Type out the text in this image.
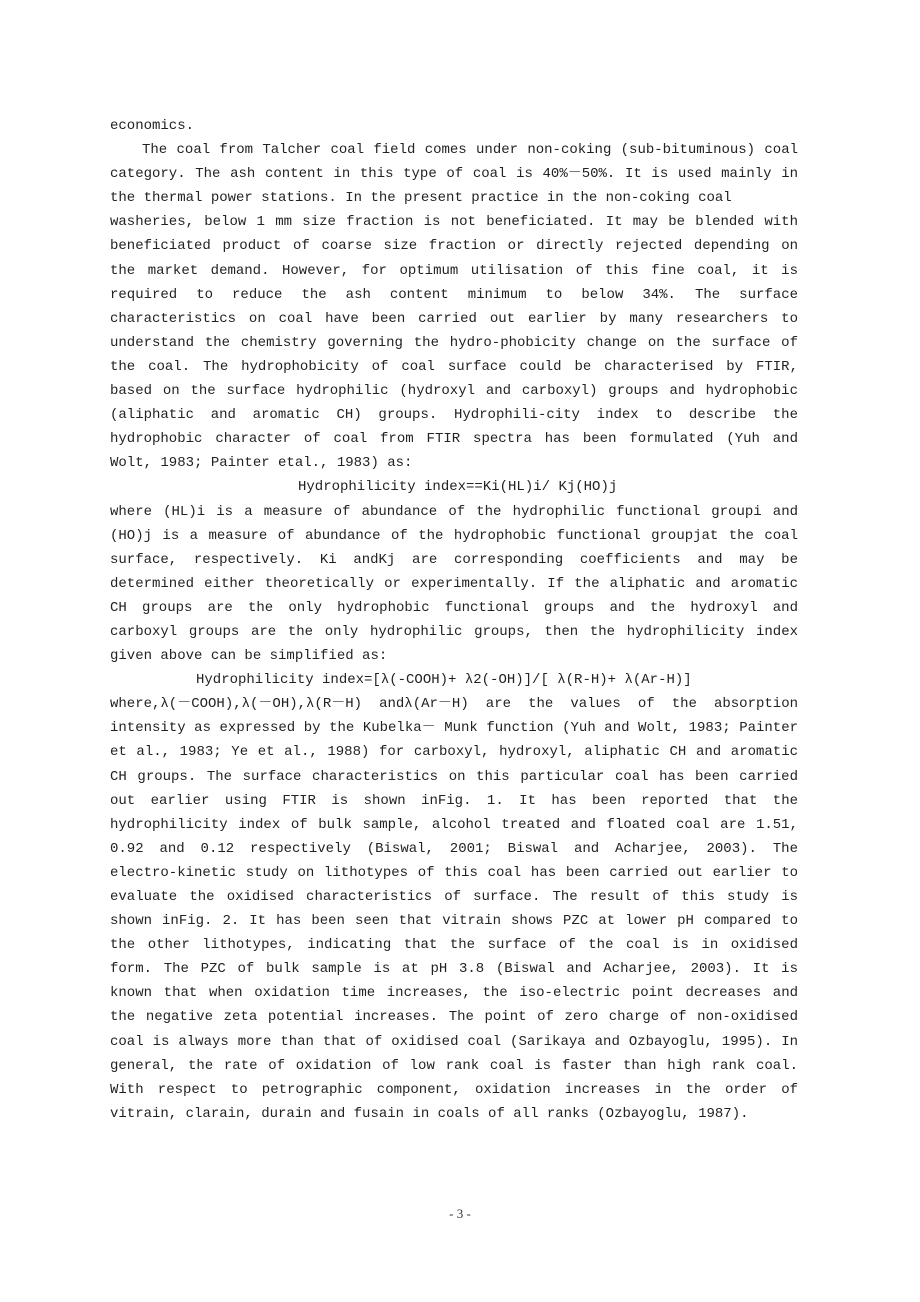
economics.

The coal from Talcher coal field comes under non-coking (sub-bituminous) coal category. The ash content in this type of coal is 40%－50%. It is used mainly in the thermal power stations. In the present practice in the non-coking coal

washeries, below 1 mm size fraction is not beneficiated. It may be blended with beneficiated product of coarse size fraction or directly rejected depending on the market demand. However, for optimum utilisation of this fine coal, it is required to reduce the ash content minimum to below 34%. The surface characteristics on coal have been carried out earlier by many researchers to understand the chemistry governing the hydro-phobicity change on the surface of the coal. The hydrophobicity of coal surface could be characterised by FTIR, based on the surface hydrophilic (hydroxyl and carboxyl) groups and hydrophobic (aliphatic and aromatic CH) groups. Hydrophili-city index to describe the hydrophobic character of coal from FTIR spectra has been formulated (Yuh and Wolt, 1983; Painter etal., 1983) as:

Hydrophilicity index==Ki(HL)i/ Kj(HO)j

where (HL)i is a measure of abundance of the hydrophilic functional groupi and (HO)j is a measure of abundance of the hydrophobic functional groupjat the coal surface, respectively. Ki andKj are corresponding coefficients and may be determined either theoretically or experimentally. If the aliphatic and aromatic CH groups are the only hydrophobic functional groups and the hydroxyl and carboxyl groups are the only hydrophilic groups, then the hydrophilicity index given above can be simplified as:

Hydrophilicity index=[λ(-COOH)+ λ2(-OH)]/[ λ(R-H)+ λ(Ar-H)]

where,λ(－COOH),λ(－OH),λ(R－H) andλ(Ar－H) are the values of the absorption intensity as expressed by the Kubelka－ Munk function (Yuh and Wolt, 1983; Painter et al., 1983; Ye et al., 1988) for carboxyl, hydroxyl, aliphatic CH and aromatic CH groups. The surface characteristics on this particular coal has been carried out earlier using FTIR is shown inFig. 1. It has been reported that the hydrophilicity index of bulk sample, alcohol treated and floated coal are 1.51, 0.92 and 0.12 respectively (Biswal, 2001; Biswal and Acharjee, 2003). The electro-kinetic study on lithotypes of this coal has been carried out earlier to evaluate the oxidised characteristics of surface. The result of this study is shown inFig. 2. It has been seen that vitrain shows PZC at lower pH compared to the other lithotypes, indicating that the surface of the coal is in oxidised form. The PZC of bulk sample is at pH 3.8 (Biswal and Acharjee, 2003). It is known that when oxidation time increases, the iso-electric point decreases and the negative zeta potential increases. The point of zero charge of non-oxidised coal is always more than that of oxidised coal (Sarikaya and Ozbayoglu, 1995). In general, the rate of oxidation of low rank coal is faster than high rank coal. With respect to petrographic component, oxidation increases in the order of vitrain, clarain, durain and fusain in coals of all ranks (Ozbayoglu, 1987).

- 3 -
